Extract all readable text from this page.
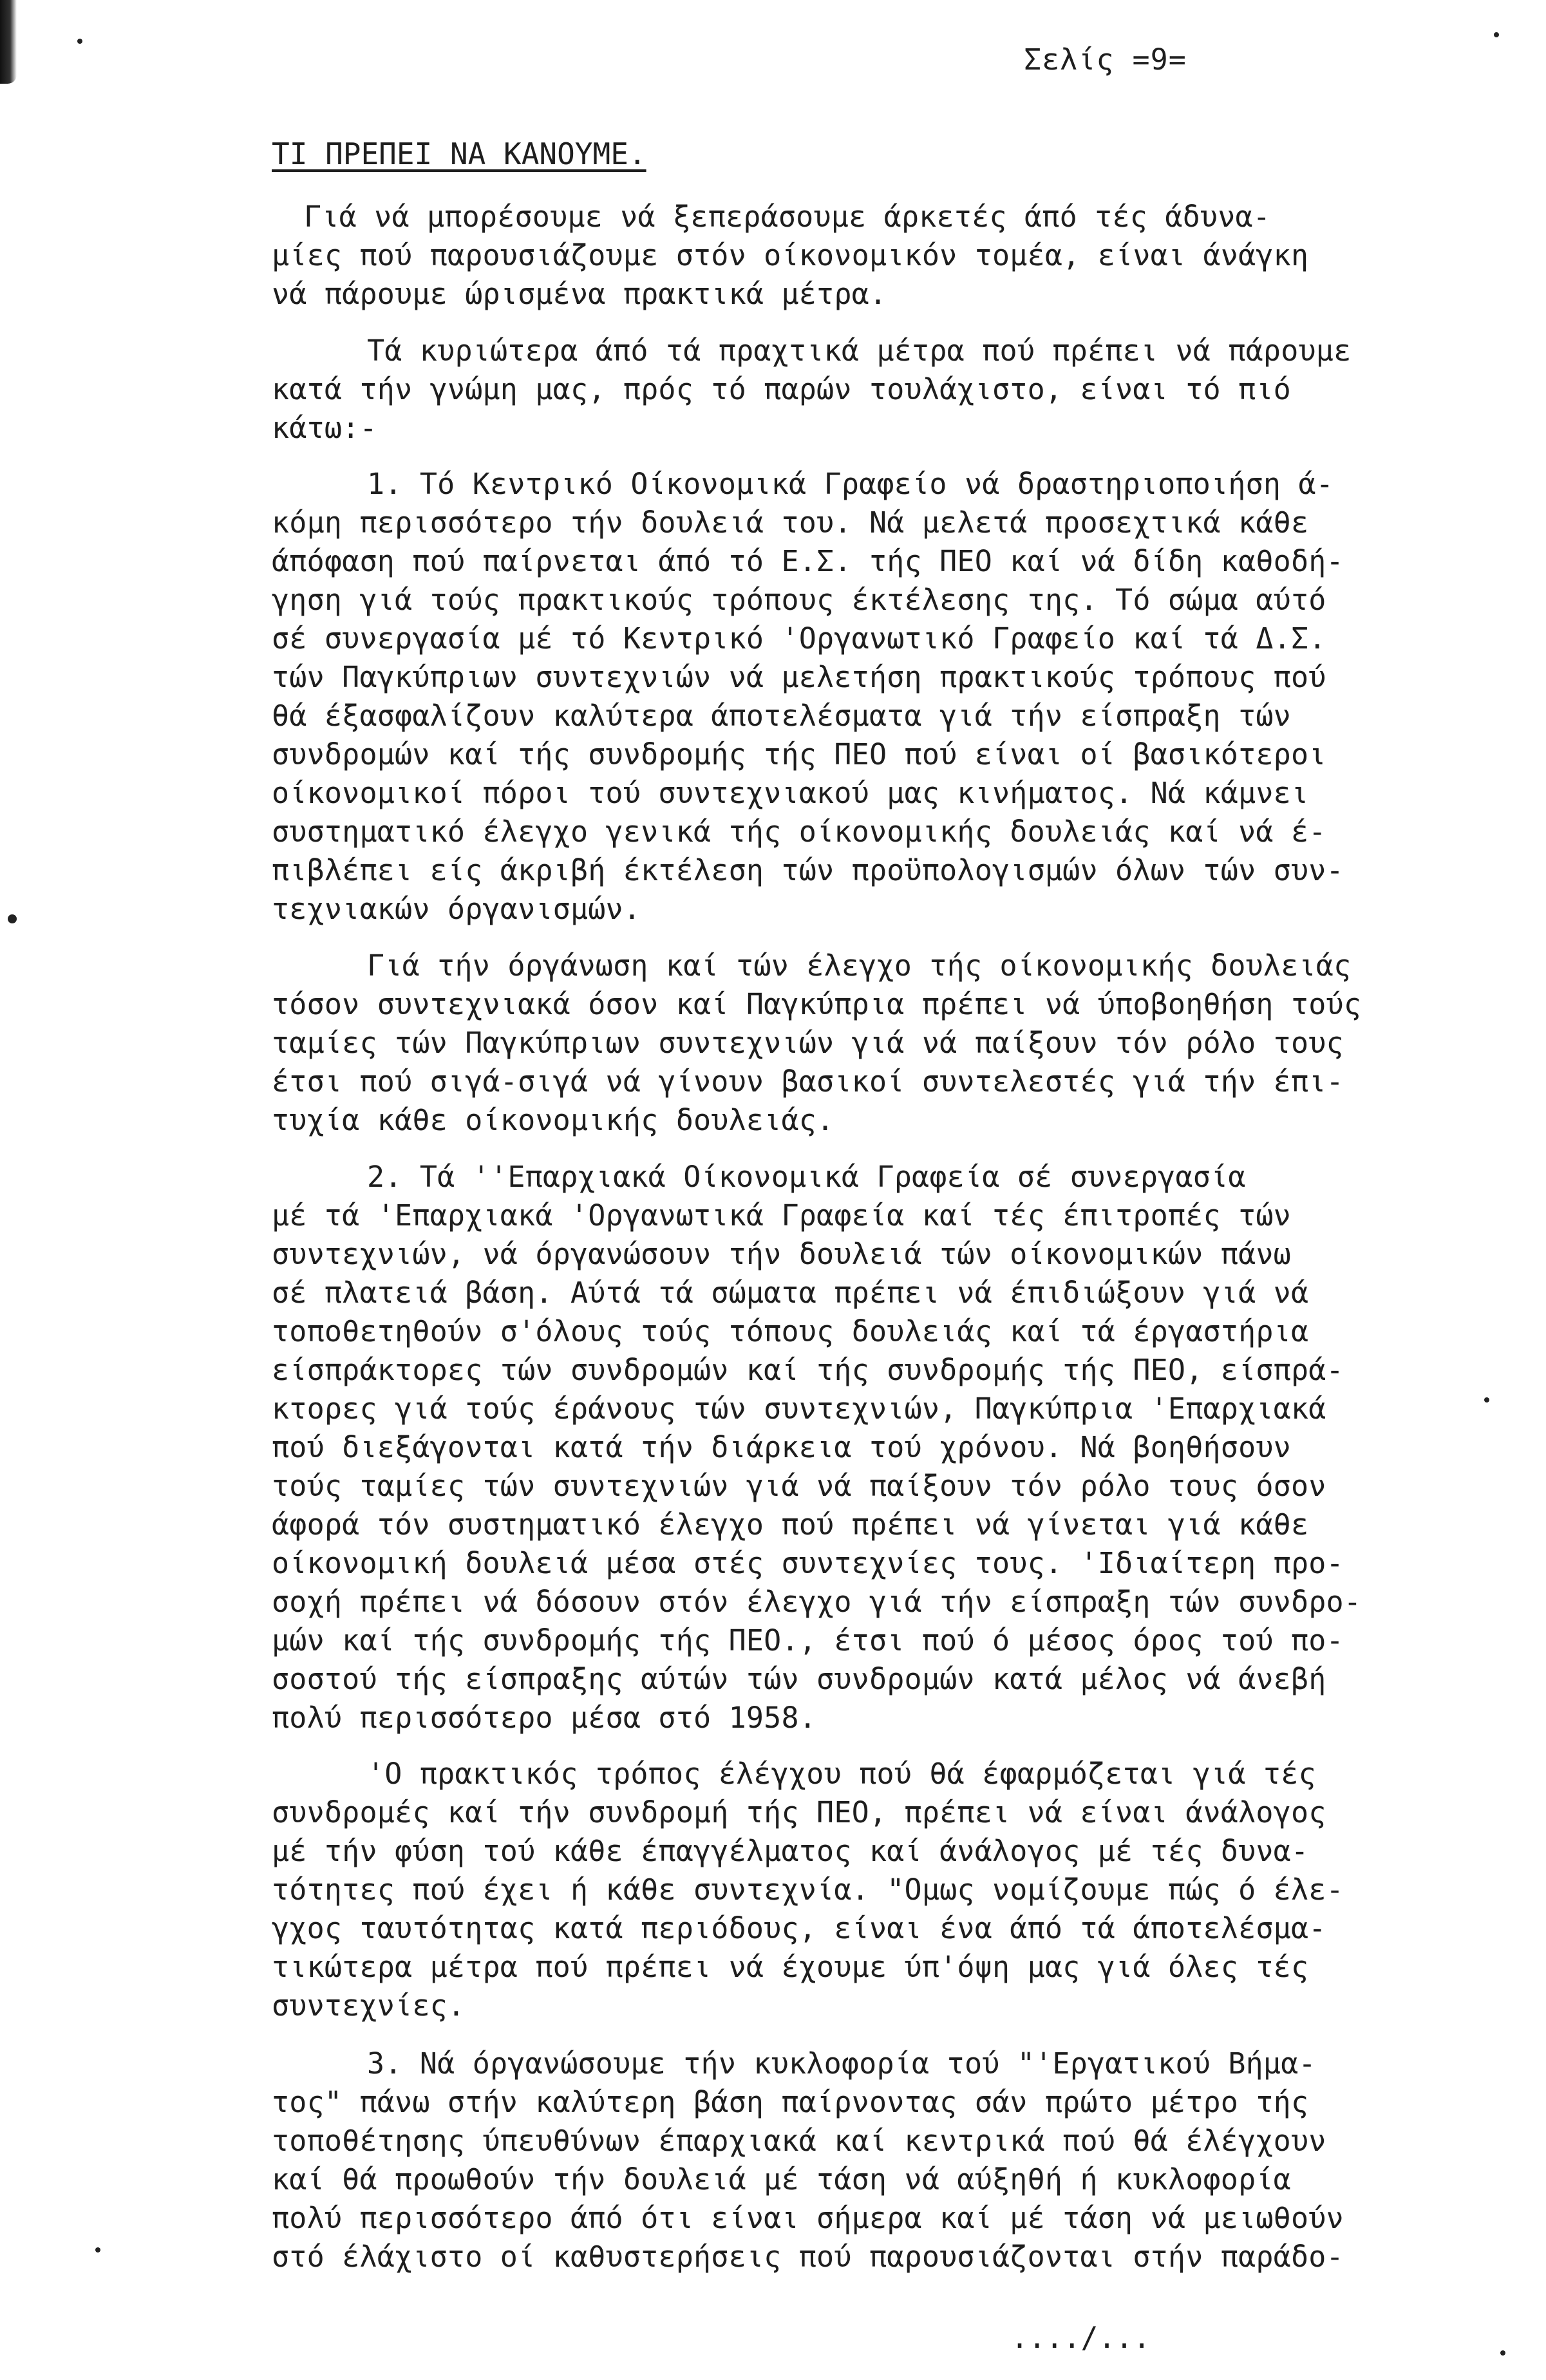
Σελίς =9=
ΤΙ ΠΡΕΠΕΙ ΝΑ ΚΑΝΟΥΜΕ.
Γιά νά μπορέσουμε νά ξεπεράσουμε άρκετές άπό τές άδυνα-
μίες πού παρουσιάζουμε στόν οίκονομικόν τομέα, είναι άνάγκη
νά πάρουμε ώρισμένα πρακτικά μέτρα.
Τά κυριώτερα άπό τά πραχτικά μέτρα πού πρέπει νά πάρουμε
κατά τήν γνώμη μας, πρός τό παρών τουλάχιστο, είναι τό πιό
κάτω:-
1. Τό Κεντρικό Οίκονομικά Γραφείο νά δραστηριοποιήση ά-
κόμη περισσότερο τήν δουλειά του. Νά μελετά προσεχτικά κάθε
άπόφαση πού παίρνεται άπό τό Ε.Σ. τής ΠΕΟ καί νά δίδη καθοδή-
γηση γιά τούς πρακτικούς τρόπους έκτέλεσης της. Τό σώμα αύτό
σέ συνεργασία μέ τό Κεντρικό 'Οργανωτικό Γραφείο καί τά Δ.Σ.
τών Παγκύπριων συντεχνιών νά μελετήση πρακτικούς τρόπους πού
θά έξασφαλίζουν καλύτερα άποτελέσματα γιά τήν είσπραξη τών
συνδρομών καί τής συνδρομής τής ΠΕΟ πού είναι οί βασικότεροι
οίκονομικοί πόροι τού συντεχνιακού μας κινήματος. Νά κάμνει
συστηματικό έλεγχο γενικά τής οίκονομικής δουλειάς καί νά έ-
πιβλέπει είς άκριβή έκτέλεση τών προϋπολογισμών όλων τών συν-
τεχνιακών όργανισμών.
Γιά τήν όργάνωση καί τών έλεγχο τής οίκονομικής δουλειάς
τόσον συντεχνιακά όσον καί Παγκύπρια πρέπει νά ύποβοηθήση τούς
ταμίες τών Παγκύπριων συντεχνιών γιά νά παίξουν τόν ρόλο τους
έτσι πού σιγά-σιγά νά γίνουν βασικοί συντελεστές γιά τήν έπι-
τυχία κάθε οίκονομικής δουλειάς.
2. Τά ''Επαρχιακά Οίκονομικά Γραφεία σέ συνεργασία
μέ τά 'Επαρχιακά 'Οργανωτικά Γραφεία καί τές έπιτροπές τών
συντεχνιών, νά όργανώσουν τήν δουλειά τών οίκονομικών πάνω
σέ πλατειά βάση. Αύτά τά σώματα πρέπει νά έπιδιώξουν γιά νά
τοποθετηθούν σ'όλους τούς τόπους δουλειάς καί τά έργαστήρια
είσπράκτορες τών συνδρομών καί τής συνδρομής τής ΠΕΟ, είσπρά-
κτορες γιά τούς έράνους τών συντεχνιών, Παγκύπρια 'Επαρχιακά
πού διεξάγονται κατά τήν διάρκεια τού χρόνου. Νά βοηθήσουν
τούς ταμίες τών συντεχνιών γιά νά παίξουν τόν ρόλο τους όσον
άφορά τόν συστηματικό έλεγχο πού πρέπει νά γίνεται γιά κάθε
οίκονομική δουλειά μέσα στές συντεχνίες τους. 'Ιδιαίτερη προ-
σοχή πρέπει νά δόσουν στόν έλεγχο γιά τήν είσπραξη τών συνδρο-
μών καί τής συνδρομής τής ΠΕΟ., έτσι πού ό μέσος όρος τού πο-
σοστού τής είσπραξης αύτών τών συνδρομών κατά μέλος νά άνεβή
πολύ περισσότερο μέσα στό 1958.
'Ο πρακτικός τρόπος έλέγχου πού θά έφαρμόζεται γιά τές
συνδρομές καί τήν συνδρομή τής ΠΕΟ, πρέπει νά είναι άνάλογος
μέ τήν φύση τού κάθε έπαγγέλματος καί άνάλογος μέ τές δυνα-
τότητες πού έχει ή κάθε συντεχνία. "Ομως νομίζουμε πώς ό έλε-
γχος ταυτότητας κατά περιόδους, είναι ένα άπό τά άποτελέσμα-
τικώτερα μέτρα πού πρέπει νά έχουμε ύπ'όψη μας γιά όλες τές
συντεχνίες.
3. Νά όργανώσουμε τήν κυκλοφορία τού "'Εργατικού Βήμα-
τος" πάνω στήν καλύτερη βάση παίρνοντας σάν πρώτο μέτρο τής
τοποθέτησης ύπευθύνων έπαρχιακά καί κεντρικά πού θά έλέγχουν
καί θά προωθούν τήν δουλειά μέ τάση νά αύξηθή ή κυκλοφορία
πολύ περισσότερο άπό ότι είναι σήμερα καί μέ τάση νά μειωθούν
στό έλάχιστο οί καθυστερήσεις πού παρουσιάζονται στήν παράδο-
..../...
